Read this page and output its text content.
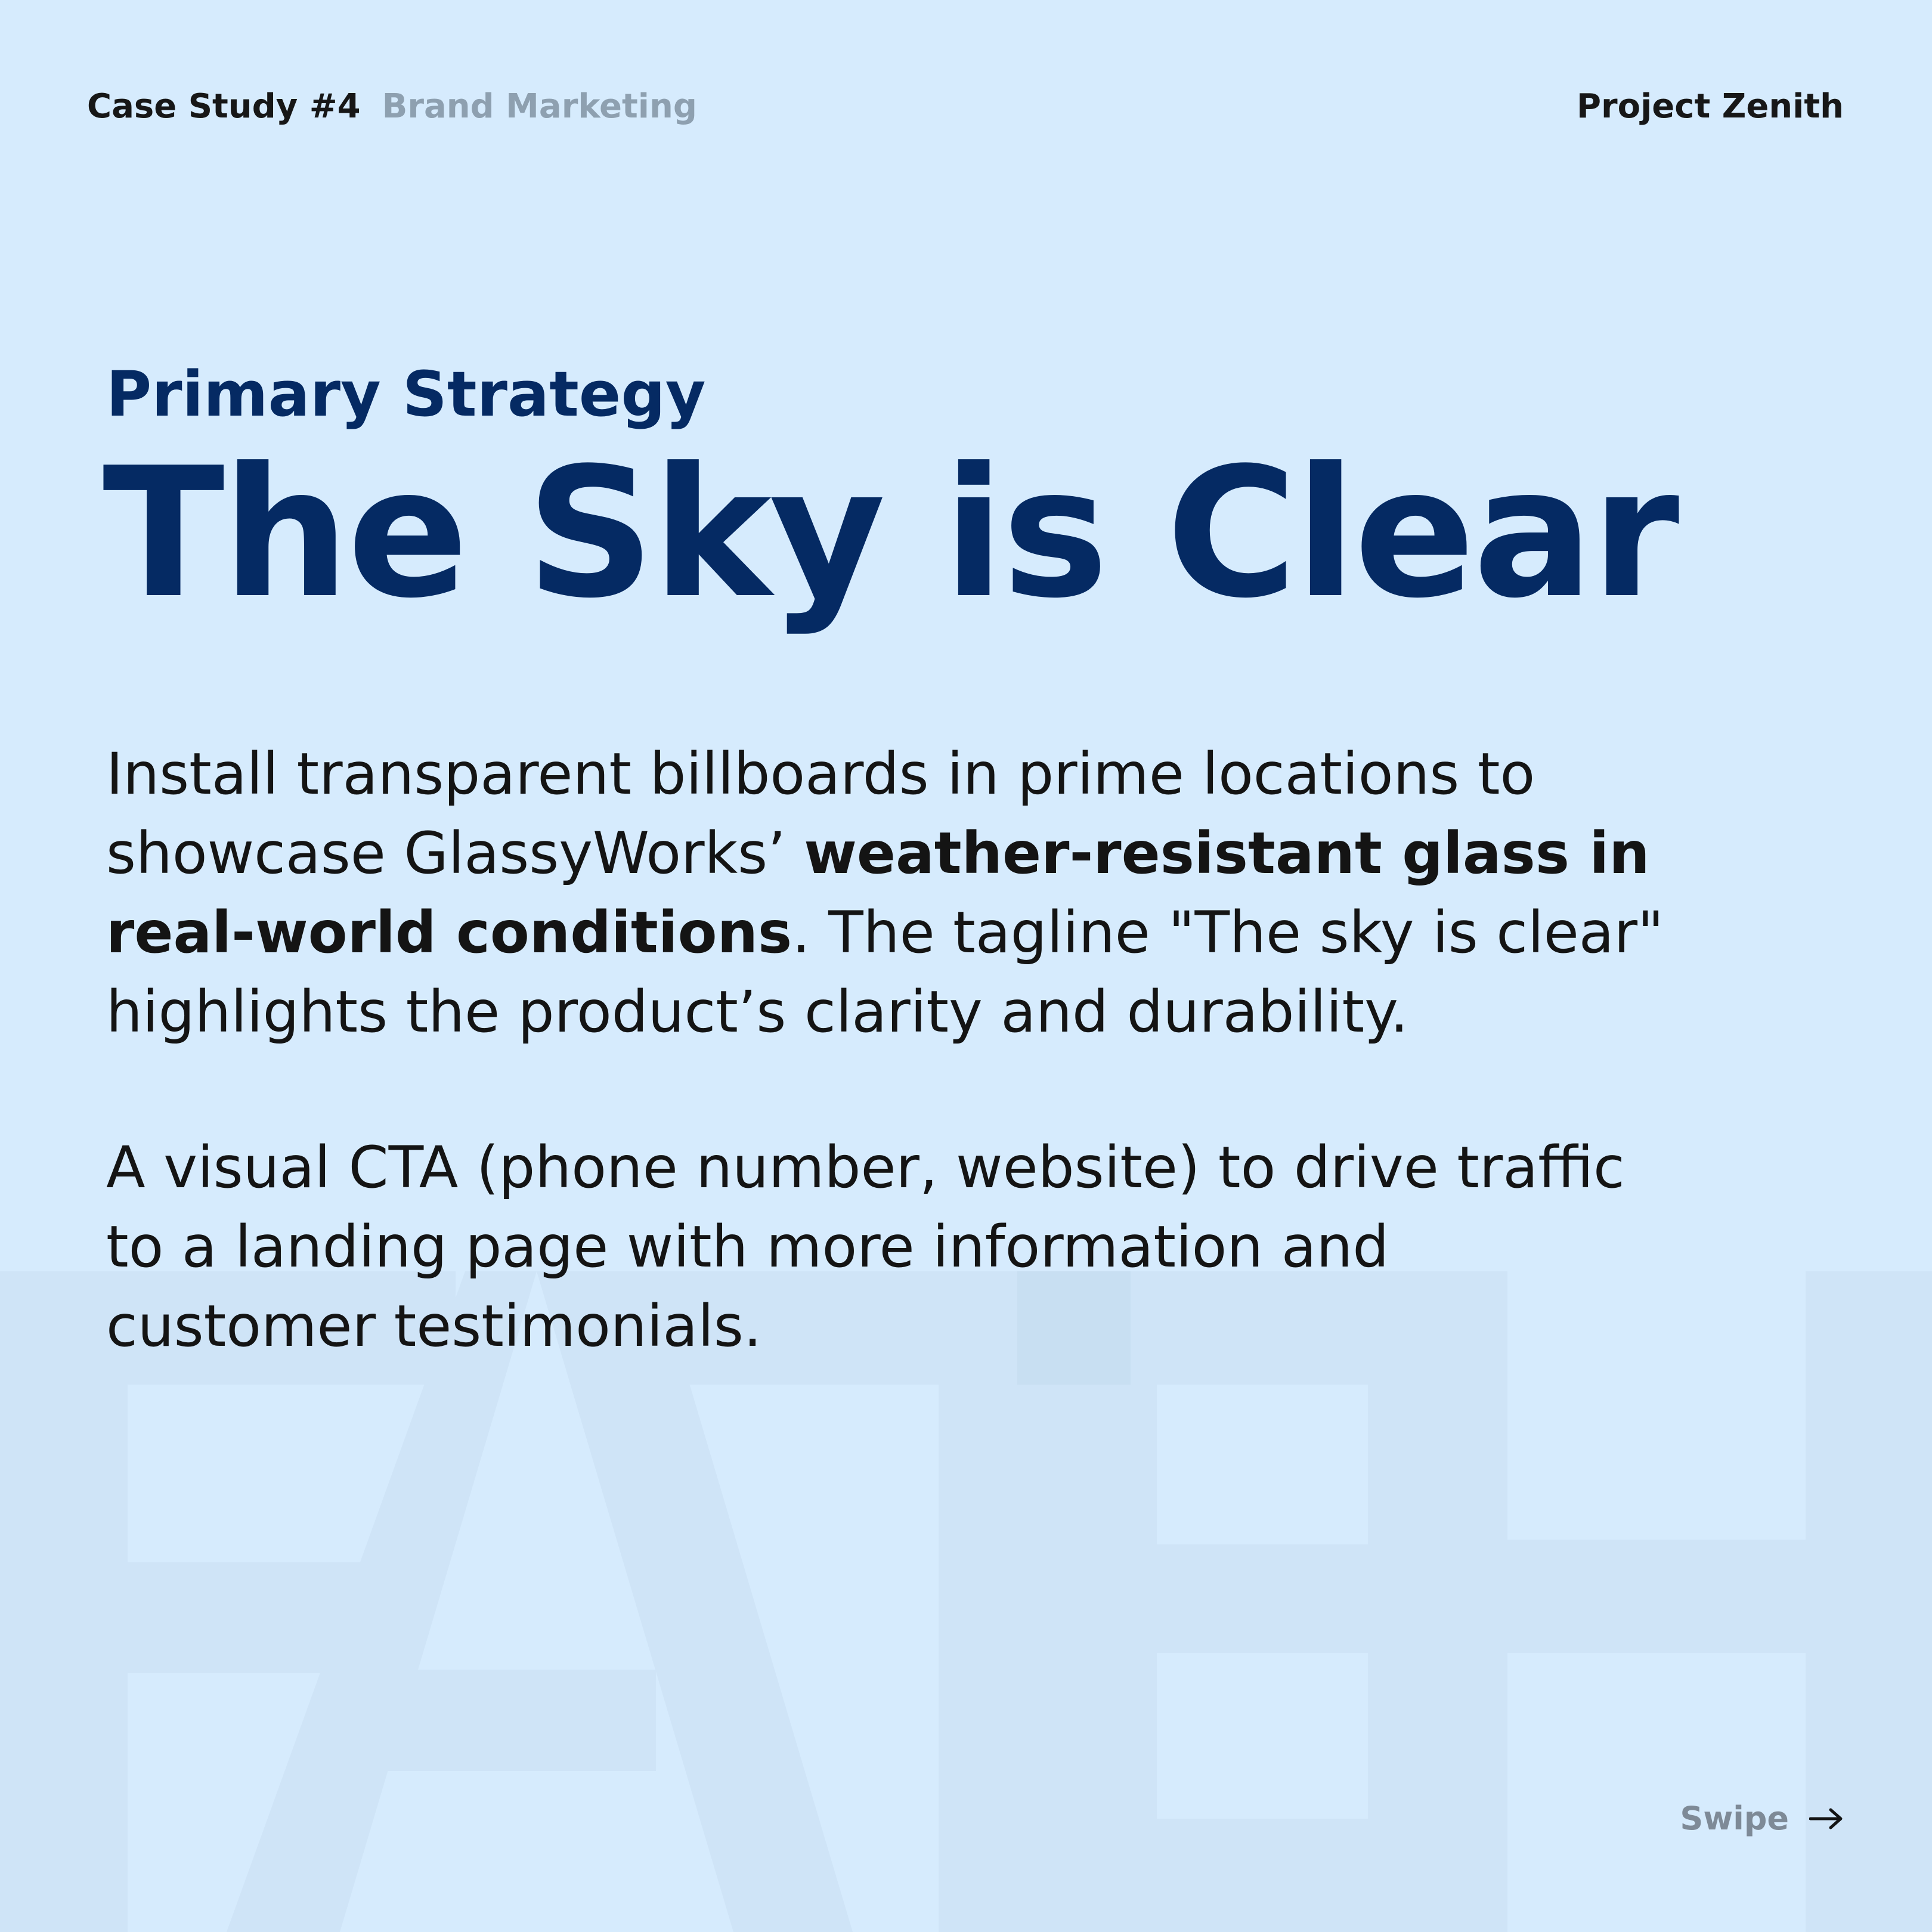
Case Study #4 Brand Marketing	Project Zenith
Primary Strategy
The Sky is Clear

Install transparent billboards in prime locations to showcase GlassyWorks’ weather-resistant glass in real-world conditions. The tagline "The sky is clear" highlights the product’s clarity and durability.

A visual CTA (phone number, website) to drive traffic to a landing page with more information and customer testimonials.

Swipe
